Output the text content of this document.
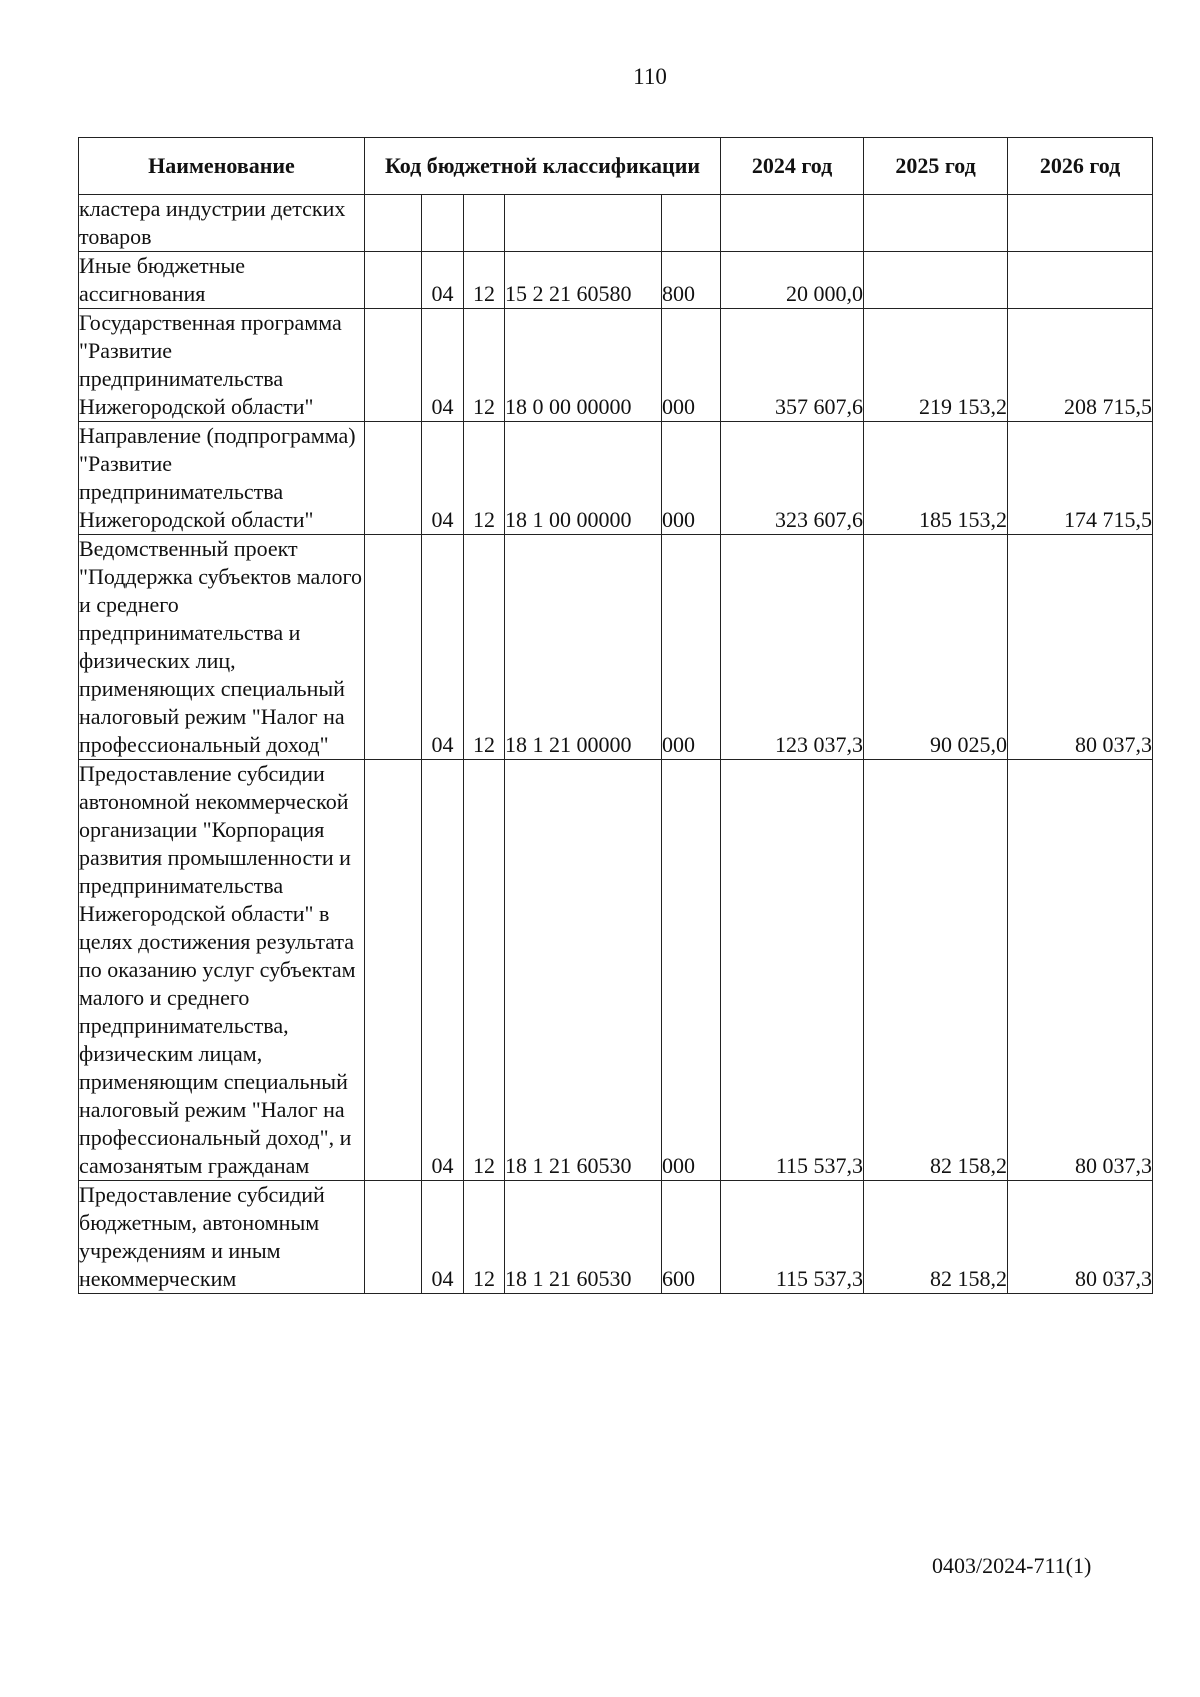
110
Наименование	Код бюджетной классификации					2024 год	2025 год	2026 год
кластера индустрии детских товаров								
Иные бюджетные ассигнования		04	12	15 2 21 60580	800	20 000,0		
Государственная программа "Развитие предпринимательства Нижегородской области"		04	12	18 0 00 00000	000	357 607,6	219 153,2	208 715,5
Направление (подпрограмма) "Развитие предпринимательства Нижегородской области"		04	12	18 1 00 00000	000	323 607,6	185 153,2	174 715,5
Ведомственный проект "Поддержка субъектов малого и среднего предпринимательства и физических лиц, применяющих специальный налоговый режим "Налог на профессиональный доход"		04	12	18 1 21 00000	000	123 037,3	90 025,0	80 037,3
Предоставление субсидии автономной некоммерческой организации "Корпорация развития промышленности и предпринимательства Нижегородской области" в целях достижения результата по оказанию услуг субъектам малого и среднего предпринимательства, физическим лицам, применяющим специальный налоговый режим "Налог на профессиональный доход", и самозанятым гражданам		04	12	18 1 21 60530	000	115 537,3	82 158,2	80 037,3
Предоставление субсидий бюджетным, автономным учреждениям и иным некоммерческим		04	12	18 1 21 60530	600	115 537,3	82 158,2	80 037,3
0403/2024-711(1)
